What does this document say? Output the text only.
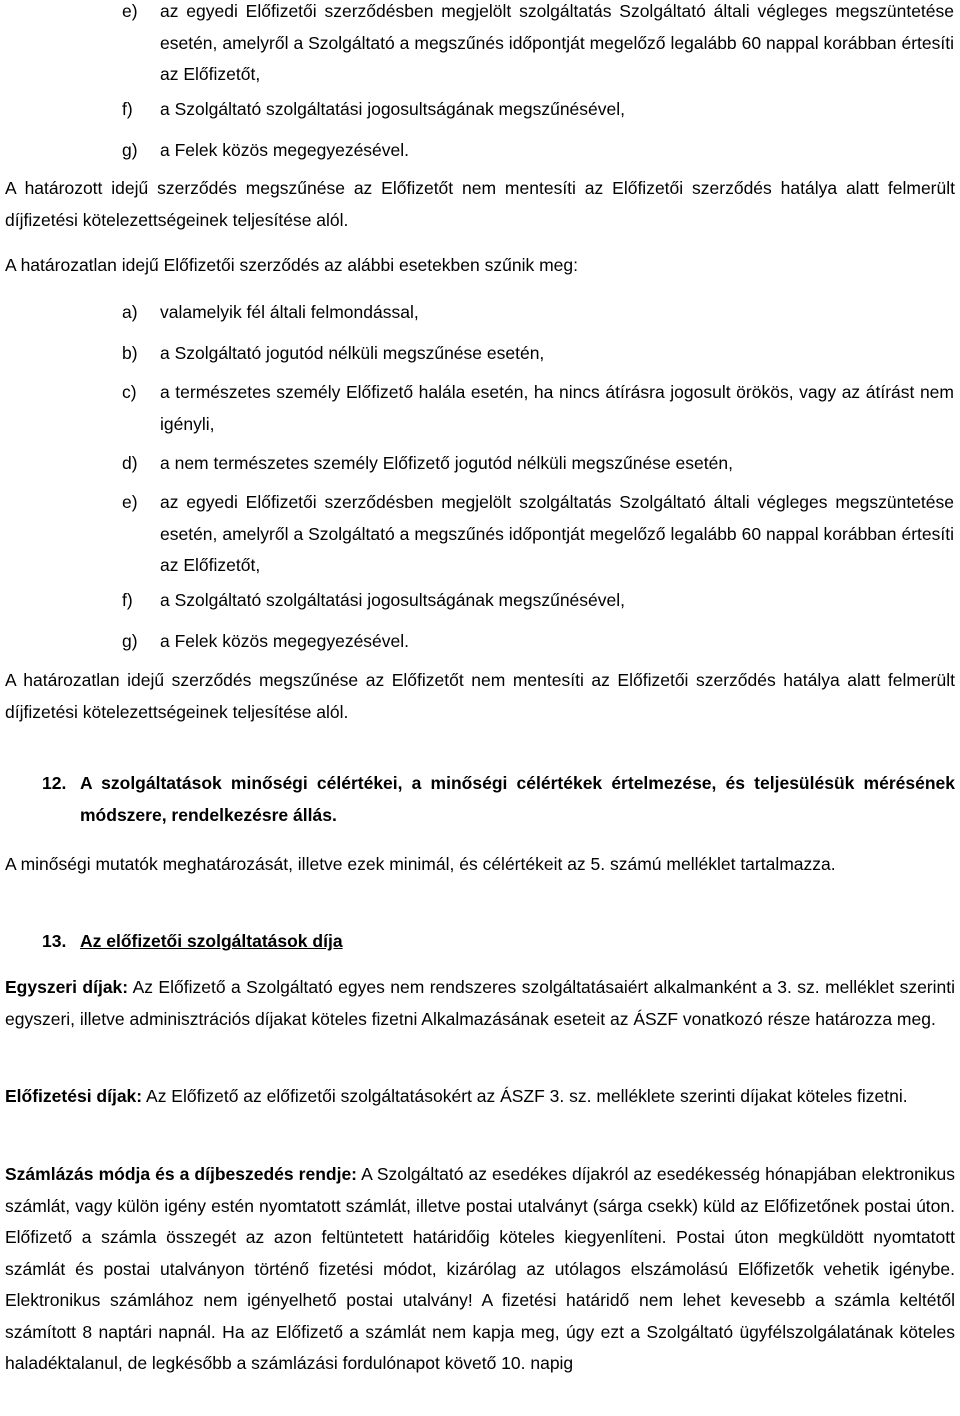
e)	az egyedi Előfizetői szerződésben megjelölt szolgáltatás Szolgáltató általi végleges megszüntetése esetén, amelyről a Szolgáltató a megszűnés időpontját megelőző legalább 60 nappal korábban értesíti az Előfizetőt,
f)	a Szolgáltató szolgáltatási jogosultságának megszűnésével,
g)	a Felek közös megegyezésével.
A határozott idejű szerződés megszűnése az Előfizetőt nem mentesíti az Előfizetői szerződés hatálya alatt felmerült díjfizetési kötelezettségeinek teljesítése alól.
A határozatlan idejű Előfizetői szerződés az alábbi esetekben szűnik meg:
a)	valamelyik fél általi felmondással,
b)	a Szolgáltató jogutód nélküli megszűnése esetén,
c)	a természetes személy Előfizető halála esetén, ha nincs átírásra jogosult örökös, vagy az átírást nem igényli,
d)	a nem természetes személy Előfizető jogutód nélküli megszűnése esetén,
e)	az egyedi Előfizetői szerződésben megjelölt szolgáltatás Szolgáltató általi végleges megszüntetése esetén, amelyről a Szolgáltató a megszűnés időpontját megelőző legalább 60 nappal korábban értesíti az Előfizetőt,
f)	a Szolgáltató szolgáltatási jogosultságának megszűnésével,
g)	a Felek közös megegyezésével.
A határozatlan idejű szerződés megszűnése az Előfizetőt nem mentesíti az Előfizetői szerződés hatálya alatt felmerült díjfizetési kötelezettségeinek teljesítése alól.
12. A szolgáltatások minőségi célértékei, a minőségi célértékek értelmezése, és teljesülésük mérésének módszere, rendelkezésre állás.
A minőségi mutatók meghatározását, illetve ezek minimál, és célértékeit az 5. számú melléklet tartalmazza.
13. Az előfizetői szolgáltatások díja
Egyszeri díjak: Az Előfizető a Szolgáltató egyes nem rendszeres szolgáltatásaiért alkalmanként a 3. sz. melléklet szerinti egyszeri, illetve adminisztrációs díjakat köteles fizetni Alkalmazásának eseteit az ÁSZF vonatkozó része határozza meg.
Előfizetési díjak: Az Előfizető az előfizetői szolgáltatásokért az ÁSZF 3. sz. melléklete szerinti díjakat köteles fizetni.
Számlázás módja és a díjbeszedés rendje: A Szolgáltató az esedékes díjakról az esedékesség hónapjában elektronikus számlát, vagy külön igény estén nyomtatott számlát, illetve postai utalványt (sárga csekk) küld az Előfizetőnek postai úton. Előfizető a számla összegét az azon feltüntetett határidőig köteles kiegyenlíteni. Postai úton megküldött nyomtatott számlát és postai utalványon történő fizetési módot, kizárólag az utólagos elszámolású Előfizetők vehetik igénybe. Elektronikus számlához nem igényelhető postai utalvány! A fizetési határidő nem lehet kevesebb a számla keltétől számított 8 naptári napnál. Ha az Előfizető a számlát nem kapja meg, úgy ezt a Szolgáltató ügyfélszolgálatának köteles haladéktalanul, de legkésőbb a számlázási fordulónapot követő 10. napig
